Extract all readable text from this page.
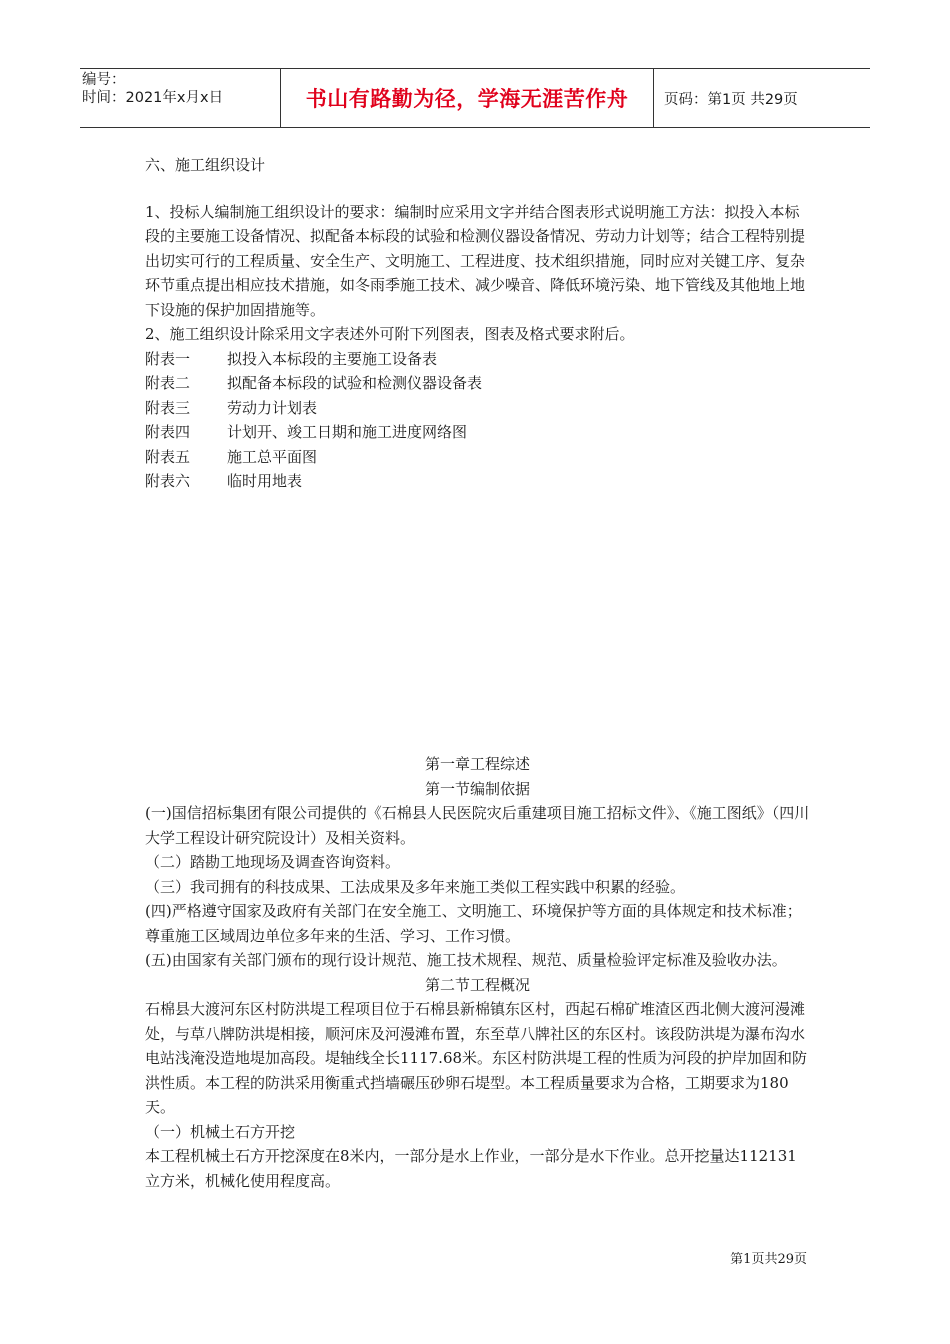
编号：
时间：2021年x月x日	书山有路勤为径，学海无涯苦作舟 页码：第1页 共29页

六、施工组织设计

1、投标人编制施工组织设计的要求：编制时应采用文字并结合图表形式说明施工方法：拟投入本标段的主要施工设备情况、拟配备本标段的试验和检测仪器设备情况、劳动力计划等；结合工程特别提出切实可行的工程质量、安全生产、文明施工、工程进度、技术组织措施，同时应对关键工序、复杂环节重点提出相应技术措施，如冬雨季施工技术、减少噪音、降低环境污染、地下管线及其他地上地下设施的保护加固措施等。

2、施工组织设计除采用文字表述外可附下列图表，图表及格式要求附后。

附表一	拟投入本标段的主要施工设备表
附表二	拟配备本标段的试验和检测仪器设备表
附表三	劳动力计划表
附表四	计划开、竣工日期和施工进度网络图
附表五	施工总平面图
附表六	临时用地表

第一章工程综述

第一节编制依据

(一)国信招标集团有限公司提供的《石棉县人民医院灾后重建项目施工招标文件》、《施工图纸》（四川大学工程设计研究院设计）及相关资料。

（二）踏勘工地现场及调查咨询资料。

（三）我司拥有的科技成果、工法成果及多年来施工类似工程实践中积累的经验。

(四)严格遵守国家及政府有关部门在安全施工、文明施工、环境保护等方面的具体规定和技术标准；尊重施工区域周边单位多年来的生活、学习、工作习惯。

(五)由国家有关部门颁布的现行设计规范、施工技术规程、规范、质量检验评定标准及验收办法。

第二节工程概况

石棉县大渡河东区村防洪堤工程项目位于石棉县新棉镇东区村，西起石棉矿堆渣区西北侧大渡河漫滩处，与草八牌防洪堤相接，顺河床及河漫滩布置，东至草八牌社区的东区村。该段防洪堤为瀑布沟水电站浅淹没造地堤加高段。堤轴线全长1117.68米。东区村防洪堤工程的性质为河段的护岸加固和防洪性质。本工程的防洪采用衡重式挡墙碾压砂卵石堤型。本工程质量要求为合格，工期要求为180天。

（一）机械土石方开挖

本工程机械土石方开挖深度在8米内，一部分是水上作业，一部分是水下作业。总开挖量达112131立方米，机械化使用程度高。

第1页共29页
